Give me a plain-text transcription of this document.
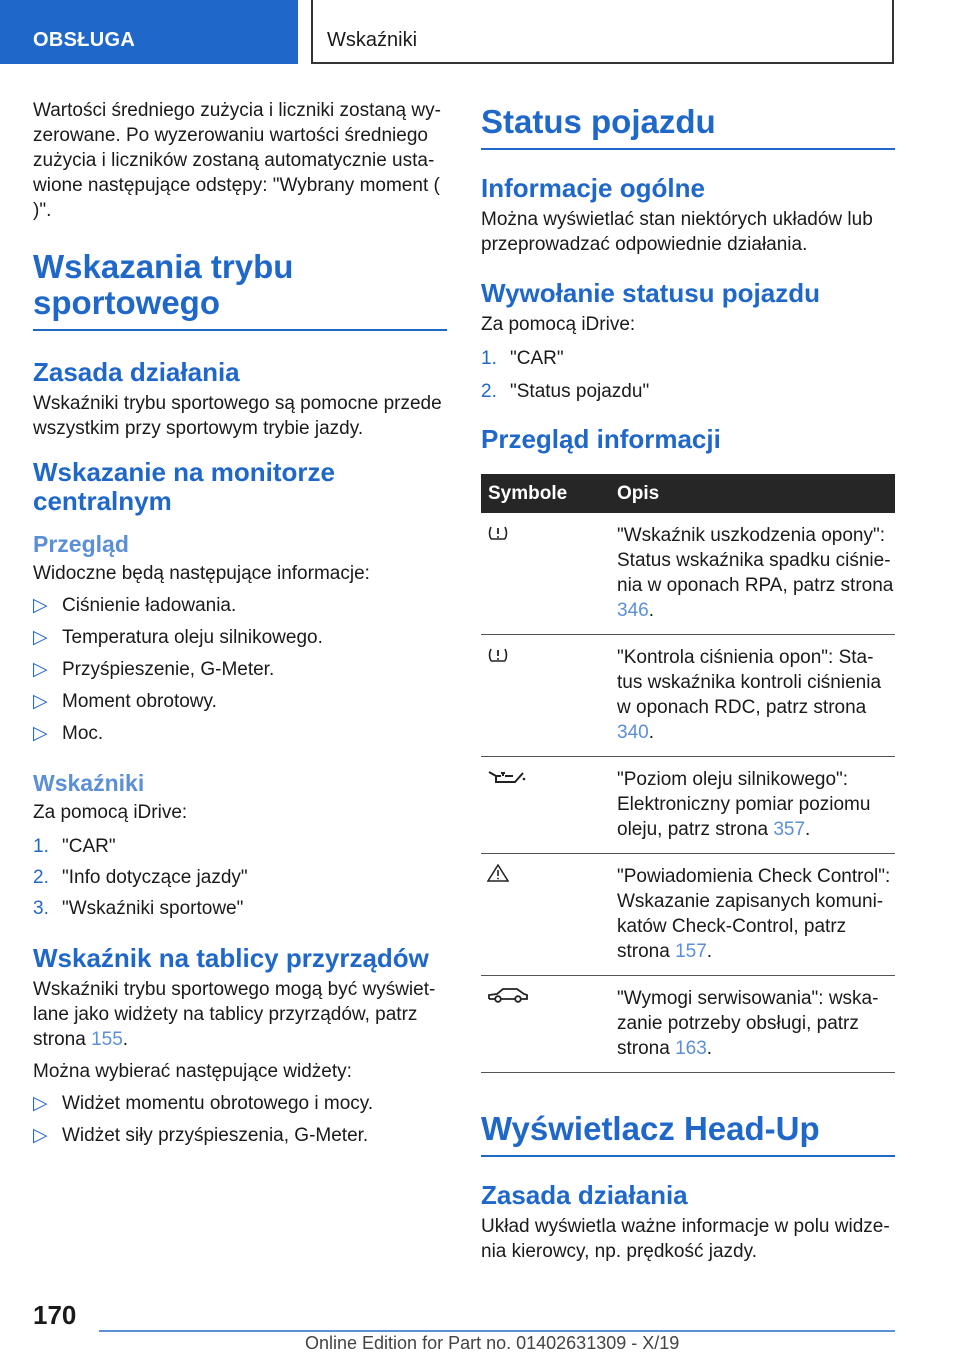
OBSŁUGA	Wskaźniki

Wartości średniego zużycia i liczniki zostaną wy-zerowane. Po wyzerowaniu wartości średniego zużycia i liczników zostaną automatycznie usta-wione następujące odstępy: "Wybrany moment ( )".

Wskazania trybu sportowego
Zasada działania

Wskaźniki trybu sportowego są pomocne przede wszystkim przy sportowym trybie jazdy.

Wskazanie na monitorze centralnym
Przegląd

Widoczne będą następujące informacje:

▷ Ciśnienie ładowania.
▷ Temperatura oleju silnikowego.
▷ Przyśpieszenie, G-Meter.
▷ Moment obrotowy.
▷ Moc.
Wskaźniki

Za pomocą iDrive:

1. "CAR"
2. "Info dotyczące jazdy"
3. "Wskaźniki sportowe"
Wskaźnik na tablicy przyrządów

Wskaźniki trybu sportowego mogą być wyświet-lane jako widżety na tablicy przyrządów, patrz strona 155.

Można wybierać następujące widżety:

▷ Widżet momentu obrotowego i mocy.
▷ Widżet siły przyśpieszenia, G-Meter.
Status pojazdu
Informacje ogólne

Można wyświetlać stan niektórych układów lub przeprowadzać odpowiednie działania.

Wywołanie statusu pojazdu

Za pomocą iDrive:

1. "CAR"
2. "Status pojazdu"
Przegląd informacji
Symbole	Opis
	"Wskaźnik uszkodzenia opony": Status wskaźnika spadku ciśnie-nia w oponach RPA, patrz strona 346.
	"Kontrola ciśnienia opon": Sta-tus wskaźnika kontroli ciśnienia w oponach RDC, patrz strona 340.
	"Poziom oleju silnikowego": Elektroniczny pomiar poziomu oleju, patrz strona 357.
	"Powiadomienia Check Control": Wskazanie zapisanych komuni-katów Check-Control, patrz strona 157.
	"Wymogi serwisowania": wska-zanie potrzeby obsługi, patrz strona 163.
Wyświetlacz Head-Up
Zasada działania

Układ wyświetla ważne informacje w polu widze-nia kierowcy, np. prędkość jazdy.

170
Online Edition for Part no. 01402631309 - X/19
